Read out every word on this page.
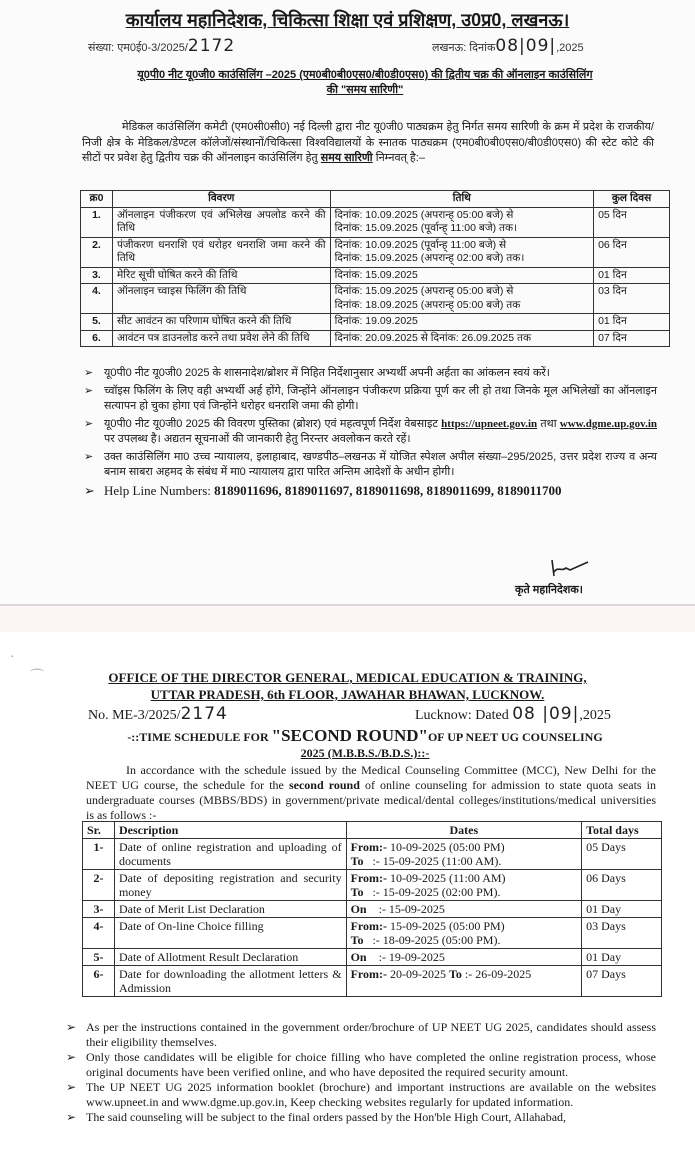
कार्यालय महानिदेशक, चिकित्सा शिक्षा एवं प्रशिक्षण, उ0प्र0, लखनऊ।
संख्या: एम0ई0-3/2025/2172	लखनऊ: दिनांक08|09|,2025
यू0पी0 नीट यू0जी0 काउंसिलिंग –2025 (एम0बी0बी0एस0/बी0डी0एस0) की द्वितीय चक्र की ऑनलाइन काउंसिलिंग
की "समय सारिणी"
मेडिकल काउंसिलिंग कमेटी (एम0सी0सी0) नई दिल्ली द्वारा नीट यू0जी0 पाठ्यक्रम हेतु निर्गत समय सारिणी के क्रम में प्रदेश के राजकीय/निजी क्षेत्र के मेडिकल/डेण्टल कॉलेजों/संस्थानों/चिकित्सा विश्वविद्यालयों के स्नातक पाठ्यक्रम (एम0बी0बी0एस0/बी0डी0एस0) की स्टेट कोटे की सीटों पर प्रवेश हेतु द्वितीय चक्र की ऑनलाइन काउंसिलिंग हेतु समय सारिणी निम्नवत् है:–
क्र0	विवरण	तिथि	कुल दिवस
1.	ऑनलाइन पंजीकरण एवं अभिलेख अपलोड करने की तिथि	दिनांक: 10.09.2025 (अपरान्ह् 05:00 बजे) से
दिनांक: 15.09.2025 (पूर्वान्ह् 11:00 बजे) तक।	05 दिन
2.	पंजीकरण धनराशि एवं धरोहर धनराशि जमा करने की तिथि	दिनांक: 10.09.2025 (पूर्वान्ह् 11:00 बजे) से
दिनांक: 15.09.2025 (अपरान्ह् 02:00 बजे) तक।	06 दिन
3.	मेरिट सूची घोषित करने की तिथि	दिनांक: 15.09.2025	01 दिन
4.	ऑनलाइन च्वाइस फिलिंग की तिथि	दिनांक: 15.09.2025 (अपरान्ह् 05:00 बजे) से
दिनांक: 18.09.2025 (अपरान्ह् 05:00 बजे) तक	03 दिन
5.	सीट आवंटन का परिणाम घोषित करने की तिथि	दिनांक: 19.09.2025	01 दिन
6.	आवंटन पत्र डाउनलोड करने तथा प्रवेश लेने की तिथि	दिनांक: 20.09.2025 से दिनांक: 26.09.2025 तक	07 दिन
➢ यू0पी0 नीट यू0जी0 2025 के शासनादेश/ब्रोशर में निहित निर्देशानुसार अभ्यर्थी अपनी अर्हता का आंकलन स्वयं करें।
➢ च्वॉइस फिलिंग के लिए वही अभ्यर्थी अर्ह होंगे, जिन्होंने ऑनलाइन पंजीकरण प्रक्रिया पूर्ण कर ली हो तथा जिनके मूल अभिलेखों का ऑनलाइन सत्यापन हो चुका होगा एवं जिन्होंने धरोहर धनराशि जमा की होगी।
➢ यू0पी0 नीट यू0जी0 2025 की विवरण पुस्तिका (ब्रोशर) एवं महत्वपूर्ण निर्देश वेबसाइट https://upneet.gov.in तथा www.dgme.up.gov.in पर उपलब्ध है। अद्यतन सूचनाओं की जानकारी हेतु निरन्तर अवलोकन करते रहें।
➢ उक्त काउंसिलिंग मा0 उच्च न्यायालय, इलाहाबाद, खण्डपीठ–लखनऊ में योजित स्पेशल अपील संख्या–295/2025, उत्तर प्रदेश राज्य व अन्य बनाम साबरा अहमद के संबंध में मा0 न्यायालय द्वारा पारित अन्तिम आदेशों के अधीन होगी।
➢ Help Line Numbers: 8189011696, 8189011697, 8189011698, 8189011699, 8189011700
कृते महानिदेशक।
·
⌒	OFFICE OF THE DIRECTOR GENERAL, MEDICAL EDUCATION & TRAINING,
UTTAR PRADESH, 6th FLOOR, JAWAHAR BHAWAN, LUCKNOW.
No. ME-3/2025/2174	Lucknow: Dated 08 |09|,2025
-::TIME SCHEDULE FOR "SECOND ROUND"OF UP NEET UG COUNSELING
2025 (M.B.B.S./B.D.S.)::-
In accordance with the schedule issued by the Medical Counseling Committee (MCC), New Delhi for the NEET UG course, the schedule for the second round of online counseling for admission to state quota seats in undergraduate courses (MBBS/BDS) in government/private medical/dental colleges/institutions/medical universities is as follows :-
Sr.	Description	Dates	Total days
1-	Date of online registration and uploading of documents	From:- 10-09-2025 (05:00 PM)
To :- 15-09-2025 (11:00 AM).	05 Days
2-	Date of depositing registration and security money	From:- 10-09-2025 (11:00 AM)
To :- 15-09-2025 (02:00 PM).	06 Days
3-	Date of Merit List Declaration	On :- 15-09-2025	01 Day
4-	Date of On-line Choice filling	From:- 15-09-2025 (05:00 PM)
To :- 18-09-2025 (05:00 PM).	03 Days
5-	Date of Allotment Result Declaration	On :- 19-09-2025	01 Day
6-	Date for downloading the allotment letters & Admission	From:- 20-09-2025 To :- 26-09-2025	07 Days
➢ As per the instructions contained in the government order/brochure of UP NEET UG 2025, candidates should assess their eligibility themselves.
➢ Only those candidates will be eligible for choice filling who have completed the online registration process, whose original documents have been verified online, and who have deposited the required security amount.
➢ The UP NEET UG 2025 information booklet (brochure) and important instructions are available on the websites www.upneet.in and www.dgme.up.gov.in, Keep checking websites regularly for updated information.
➢ The said counseling will be subject to the final orders passed by the Hon'ble High Court, Allahabad,
